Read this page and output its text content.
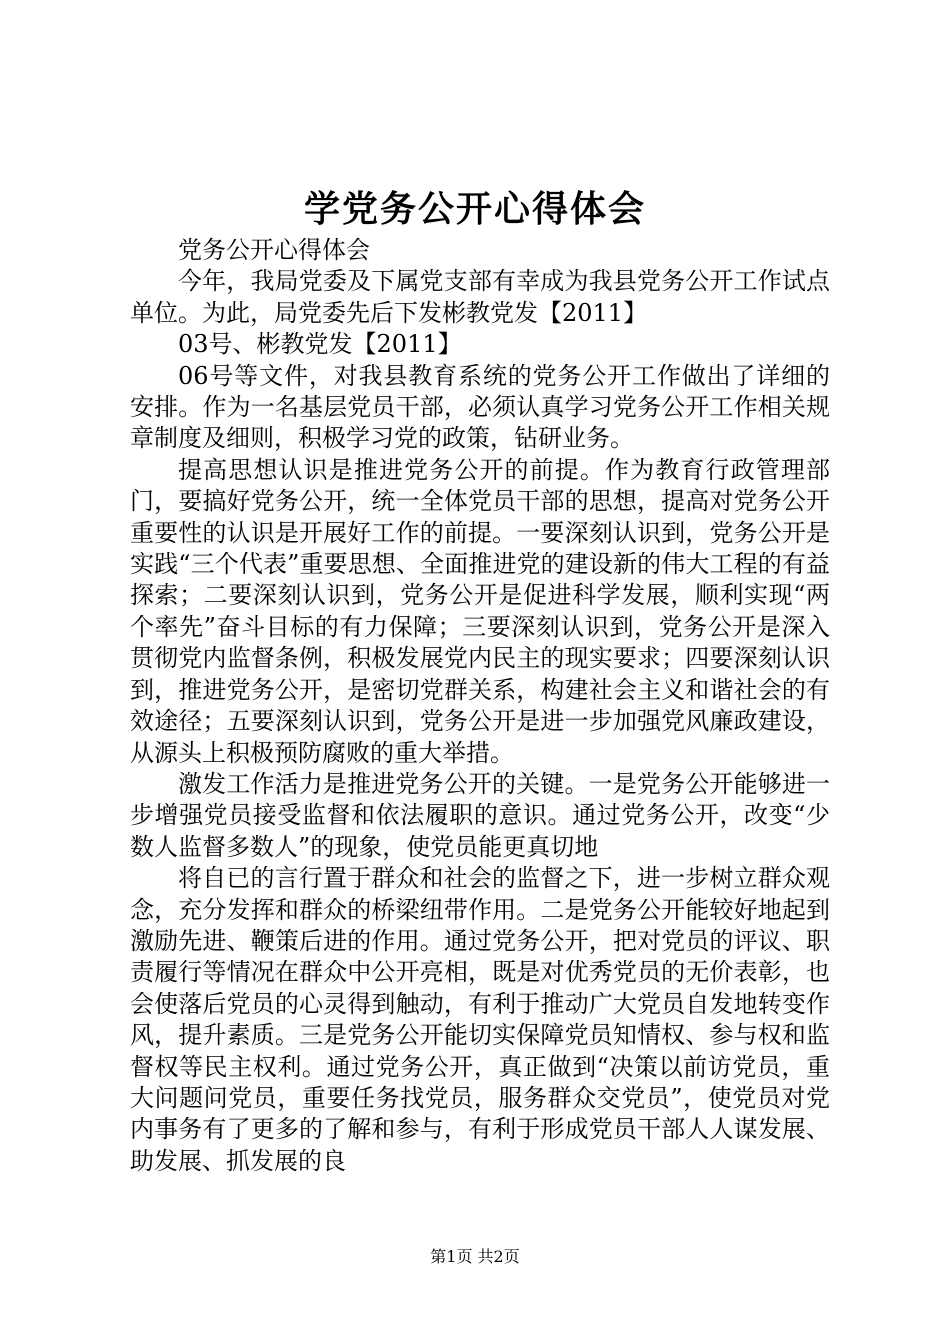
学党务公开心得体会

党务公开心得体会

今年，我局党委及下属党支部有幸成为我县党务公开工作试点单位。为此，局党委先后下发彬教党发【2011】

03号、彬教党发【2011】

06号等文件，对我县教育系统的党务公开工作做出了详细的安排。作为一名基层党员干部，必须认真学习党务公开工作相关规章制度及细则，积极学习党的政策，钻研业务。

提高思想认识是推进党务公开的前提。作为教育行政管理部门，要搞好党务公开，统一全体党员干部的思想，提高对党务公开重要性的认识是开展好工作的前提。一要深刻认识到，党务公开是实践“三个代表”重要思想、全面推进党的建设新的伟大工程的有益探索；二要深刻认识到，党务公开是促进科学发展，顺利实现“两个率先”奋斗目标的有力保障；三要深刻认识到，党务公开是深入贯彻党内监督条例，积极发展党内民主的现实要求；四要深刻认识到，推进党务公开，是密切党群关系，构建社会主义和谐社会的有效途径；五要深刻认识到，党务公开是进一步加强党风廉政建设，从源头上积极预防腐败的重大举措。

激发工作活力是推进党务公开的关键。一是党务公开能够进一步增强党员接受监督和依法履职的意识。通过党务公开，改变“少数人监督多数人”的现象，使党员能更真切地

将自已的言行置于群众和社会的监督之下，进一步树立群众观念，充分发挥和群众的桥梁纽带作用。二是党务公开能较好地起到激励先进、鞭策后进的作用。通过党务公开，把对党员的评议、职责履行等情况在群众中公开亮相，既是对优秀党员的无价表彰，也会使落后党员的心灵得到触动，有利于推动广大党员自发地转变作风，提升素质。三是党务公开能切实保障党员知情权、参与权和监督权等民主权利。通过党务公开，真正做到“决策以前访党员，重大问题问党员，重要任务找党员，服务群众交党员”，使党员对党内事务有了更多的了解和参与，有利于形成党员干部人人谋发展、助发展、抓发展的良

第1页 共2页
